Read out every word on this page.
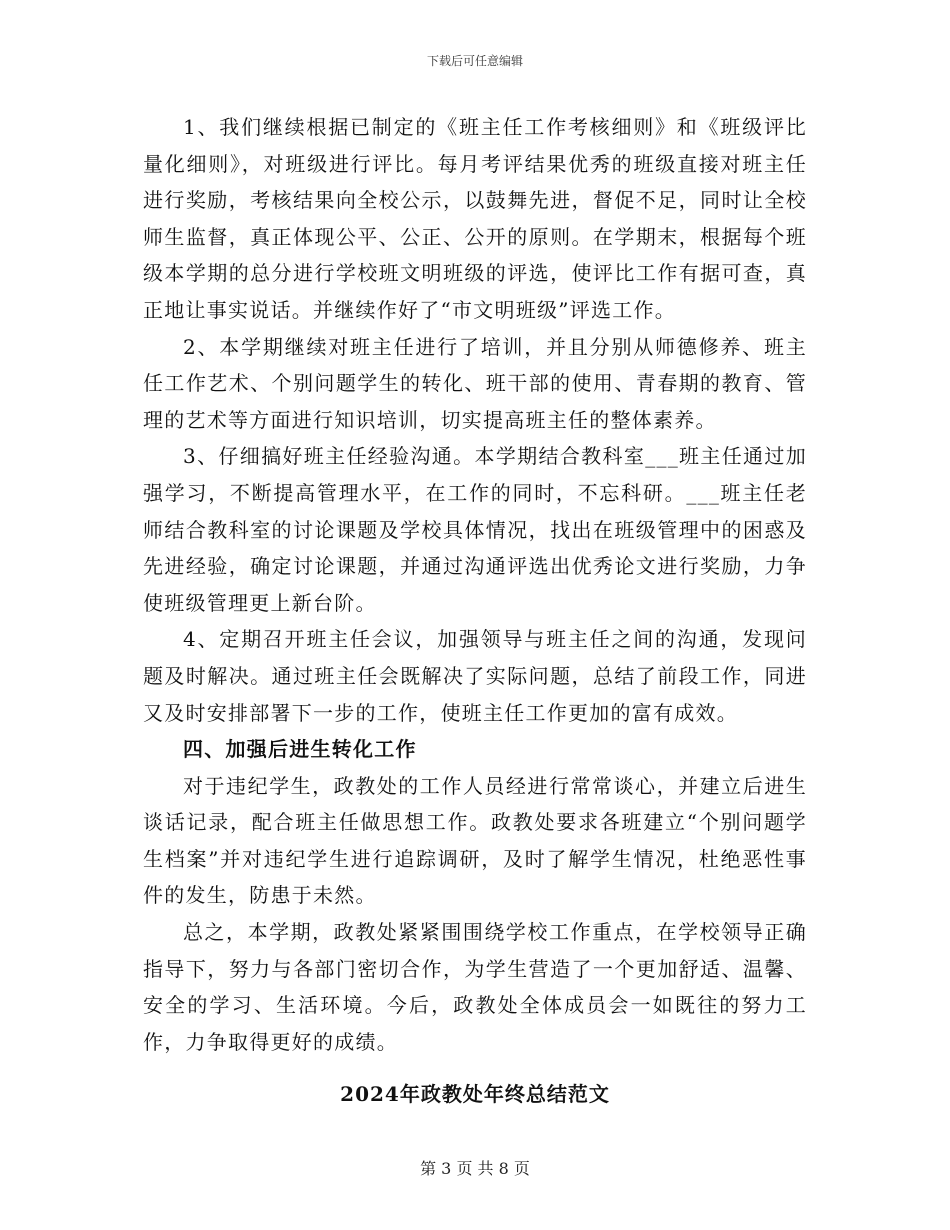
下载后可任意编辑

1、我们继续根据已制定的《班主任工作考核细则》和《班级评比量化细则》，对班级进行评比。每月考评结果优秀的班级直接对班主任进行奖励，考核结果向全校公示，以鼓舞先进，督促不足，同时让全校师生监督，真正体现公平、公正、公开的原则。在学期末，根据每个班级本学期的总分进行学校班文明班级的评选，使评比工作有据可查，真正地让事实说话。并继续作好了“市文明班级”评选工作。

2、本学期继续对班主任进行了培训，并且分别从师德修养、班主任工作艺术、个别问题学生的转化、班干部的使用、青春期的教育、管理的艺术等方面进行知识培训，切实提高班主任的整体素养。

3、仔细搞好班主任经验沟通。本学期结合教科室___班主任通过加强学习，不断提高管理水平，在工作的同时，不忘科研。___班主任老师结合教科室的讨论课题及学校具体情况，找出在班级管理中的困惑及先进经验，确定讨论课题，并通过沟通评选出优秀论文进行奖励，力争使班级管理更上新台阶。

4、定期召开班主任会议，加强领导与班主任之间的沟通，发现问题及时解决。通过班主任会既解决了实际问题，总结了前段工作，同进又及时安排部署下一步的工作，使班主任工作更加的富有成效。

四、加强后进生转化工作

对于违纪学生，政教处的工作人员经进行常常谈心，并建立后进生谈话记录，配合班主任做思想工作。政教处要求各班建立“个别问题学生档案”并对违纪学生进行追踪调研，及时了解学生情况，杜绝恶性事件的发生，防患于未然。

总之，本学期，政教处紧紧围围绕学校工作重点，在学校领导正确指导下，努力与各部门密切合作，为学生营造了一个更加舒适、温馨、安全的学习、生活环境。今后，政教处全体成员会一如既往的努力工作，力争取得更好的成绩。

2024年政教处年终总结范文
第 3 页 共 8 页
